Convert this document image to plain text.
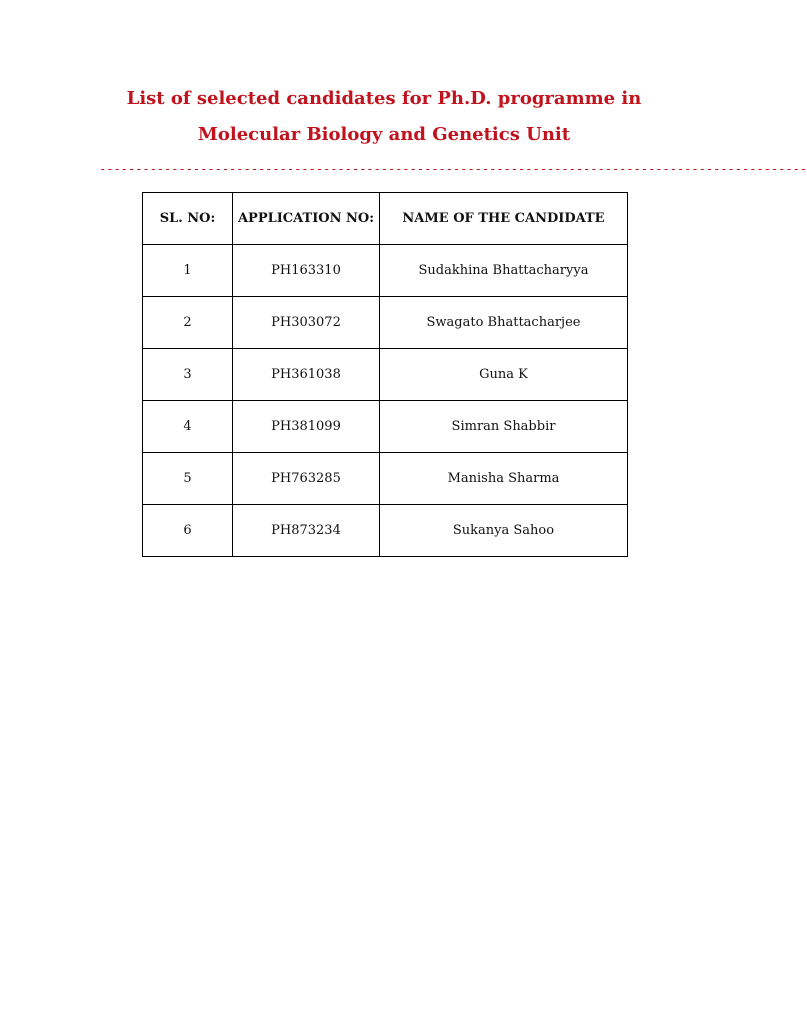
List of selected candidates for Ph.D. programme in
Molecular Biology and Genetics Unit
--------------------------------------------------------------------------------------------------
SL. NO:	APPLICATION NO:	NAME OF THE CANDIDATE
1	PH163310	Sudakhina Bhattacharyya
2	PH303072	Swagato Bhattacharjee
3	PH361038	Guna K
4	PH381099	Simran Shabbir
5	PH763285	Manisha Sharma
6	PH873234	Sukanya Sahoo
